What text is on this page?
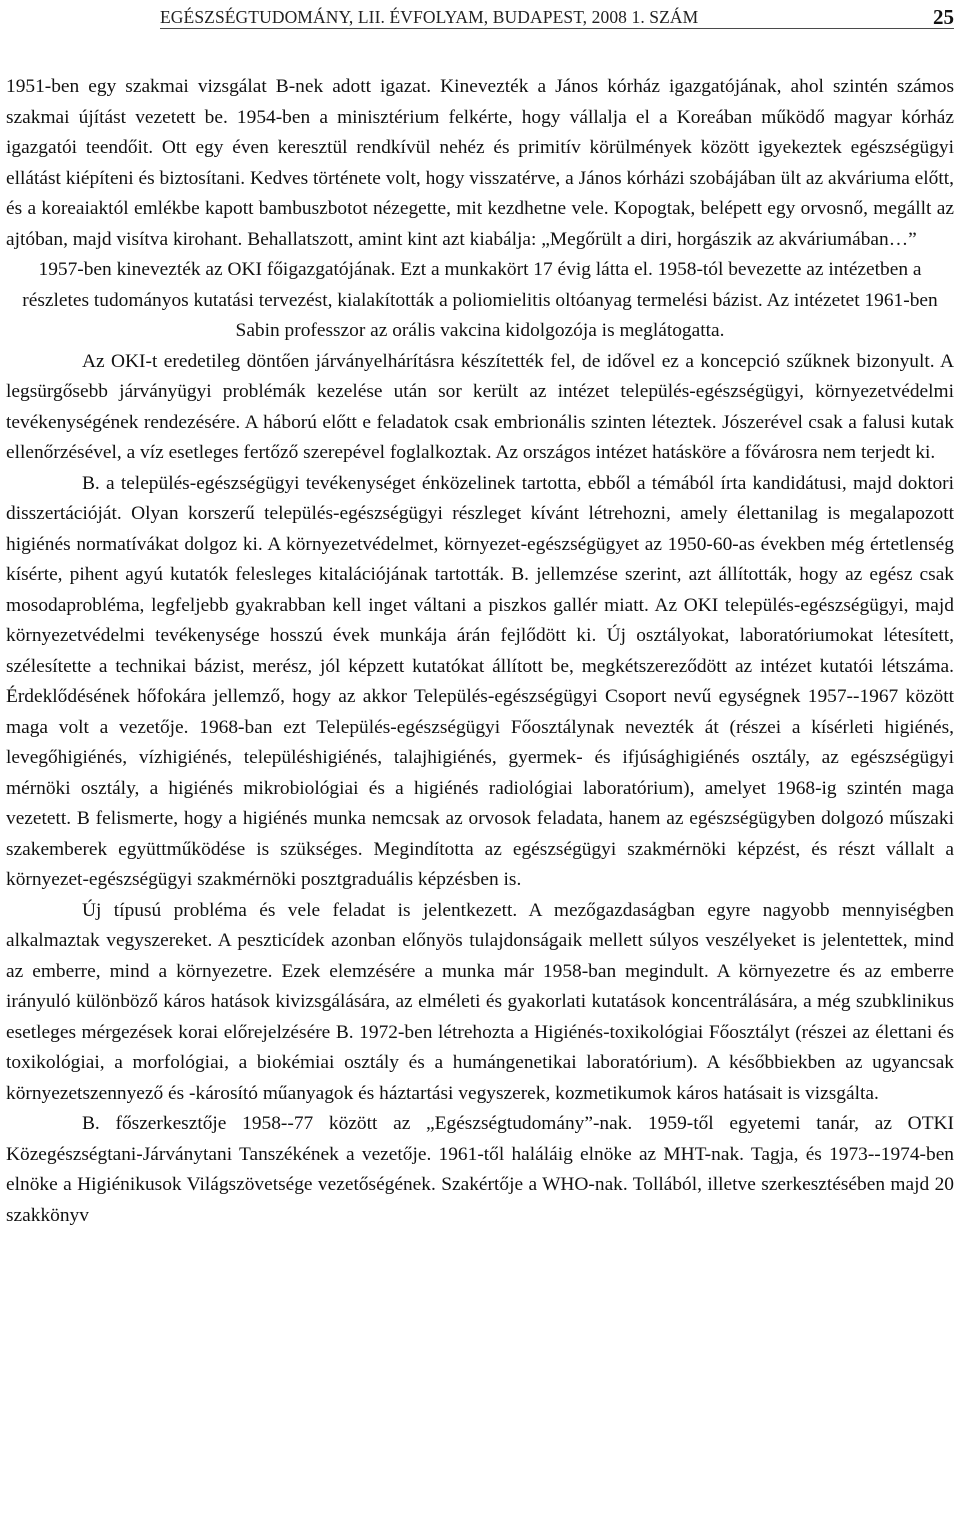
EGÉSZSÉGTUDOMÁNY, LII. ÉVFOLYAM, BUDAPEST, 2008 1. SZÁM	25

1951-ben egy szakmai vizsgálat B-nek adott igazat. Kinevezték a János kórház igazgatójának, ahol szintén számos szakmai újítást vezetett be. 1954-ben a minisztérium felkérte, hogy vállalja el a Koreában működő magyar kórház igazgatói teendőit. Ott egy éven keresztül rendkívül nehéz és primitív körülmények között igyekeztek egészségügyi ellátást kiépíteni és biztosítani. Kedves története volt, hogy visszatérve, a János kórházi szobájában ült az akváriuma előtt, és a koreaiaktól emlékbe kapott bambuszbotot nézegette, mit kezdhetne vele. Kopogtak, belépett egy orvosnő, megállt az ajtóban, majd visítva kirohant. Behallatszott, amint kint azt kiabálja: „Megőrült a diri, horgászik az akváriumában…”

1957-ben kinevezték az OKI főigazgatójának. Ezt a munkakört 17 évig látta el. 1958-tól bevezette az intézetben a részletes tudományos kutatási tervezést, kialakították a poliomielitis oltóanyag termelési bázist. Az intézetet 1961-ben Sabin professzor az orális vakcina kidolgozója is meglátogatta.

Az OKI-t eredetileg döntően járványelhárításra készítették fel, de idővel ez a koncepció szűknek bizonyult. A legsürgősebb járványügyi problémák kezelése után sor került az intézet település-egészségügyi, környezetvédelmi tevékenységének rendezésére. A háború előtt e feladatok csak embrionális szinten léteztek. Jószerével csak a falusi kutak ellenőrzésével, a víz esetleges fertőző szerepével foglalkoztak. Az országos intézet hatásköre a fővárosra nem terjedt ki.

B. a település-egészségügyi tevékenységet énközelinek tartotta, ebből a témából írta kandidátusi, majd doktori disszertációját. Olyan korszerű település-egészségügyi részleget kívánt létrehozni, amely élettanilag is megalapozott higiénés normatívákat dolgoz ki. A környezetvédelmet, környezet-egészségügyet az 1950-60-as években még értetlenség kísérte, pihent agyú kutatók felesleges kitalációjának tartották. B. jellemzése szerint, azt állították, hogy az egész csak mosodaprobléma, legfeljebb gyakrabban kell inget váltani a piszkos gallér miatt. Az OKI település-egészségügyi, majd környezetvédelmi tevékenysége hosszú évek munkája árán fejlődött ki. Új osztályokat, laboratóriumokat létesített, szélesítette a technikai bázist, merész, jól képzett kutatókat állított be, megkétszereződött az intézet kutatói létszáma. Érdeklődésének hőfokára jellemző, hogy az akkor Település-egészségügyi Csoport nevű egységnek 1957--1967 között maga volt a vezetője. 1968-ban ezt Település-egészségügyi Főosztálynak nevezték át (részei a kísérleti higiénés, levegőhigiénés, vízhigiénés, településhigiénés, talajhigiénés, gyermek- és ifjúsághigiénés osztály, az egészségügyi mérnöki osztály, a higiénés mikrobiológiai és a higiénés radiológiai laboratórium), amelyet 1968-ig szintén maga vezetett. B felismerte, hogy a higiénés munka nemcsak az orvosok feladata, hanem az egészségügyben dolgozó műszaki szakemberek együttműködése is szükséges. Megindította az egészségügyi szakmérnöki képzést, és részt vállalt a környezet-egészségügyi szakmérnöki posztgraduális képzésben is.

Új típusú probléma és vele feladat is jelentkezett. A mezőgazdaságban egyre nagyobb mennyiségben alkalmaztak vegyszereket. A peszticídek azonban előnyös tulajdonságaik mellett súlyos veszélyeket is jelentettek, mind az emberre, mind a környezetre. Ezek elemzésére a munka már 1958-ban megindult. A környezetre és az emberre irányuló különböző káros hatások kivizsgálására, az elméleti és gyakorlati kutatások koncentrálására, a még szubklinikus esetleges mérgezések korai előrejelzésére B. 1972-ben létrehozta a Higiénés-toxikológiai Főosztályt (részei az élettani és toxikológiai, a morfológiai, a biokémiai osztály és a humángenetikai laboratórium). A későbbiekben az ugyancsak környezetszennyező és -károsító műanyagok és háztartási vegyszerek, kozmetikumok káros hatásait is vizsgálta.

B. főszerkesztője 1958--77 között az „Egészségtudomány”-nak. 1959-től egyetemi tanár, az OTKI Közegészségtani-Járványtani Tanszékének a vezetője. 1961-től haláláig elnöke az MHT-nak. Tagja, és 1973--1974-ben elnöke a Higiénikusok Világszövetsége vezetőségének. Szakértője a WHO-nak. Tollából, illetve szerkesztésében majd 20 szakkönyv
